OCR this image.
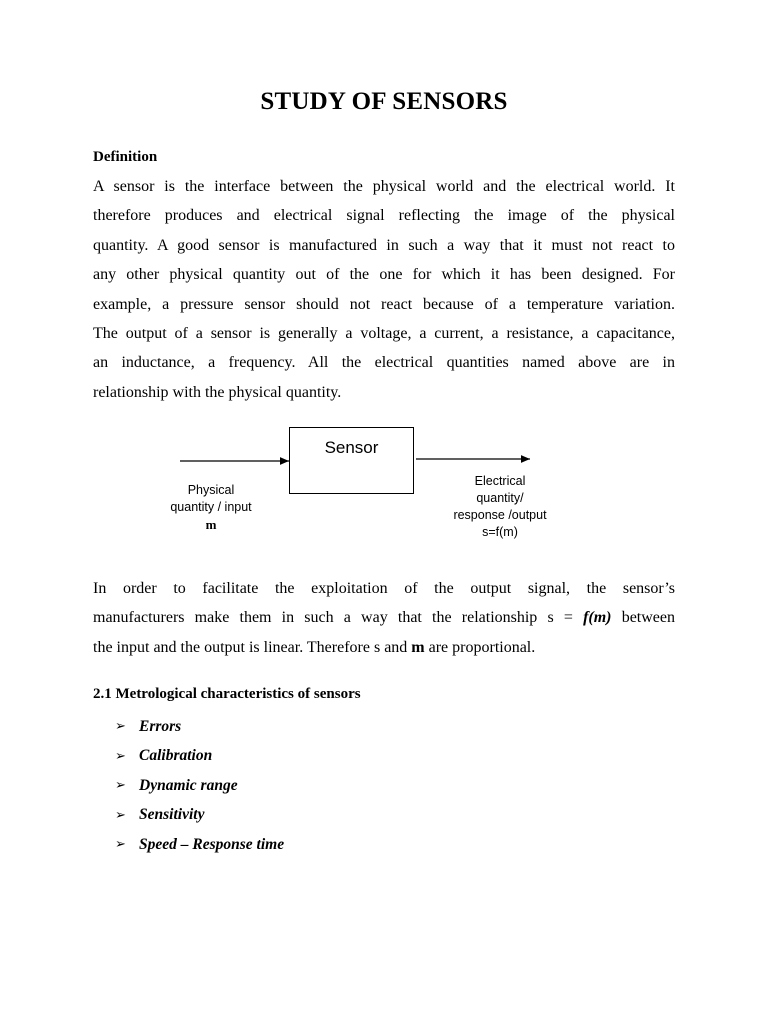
STUDY OF SENSORS
Definition
A sensor is the interface between the physical world and the electrical world. It
therefore produces and electrical signal reflecting the image of the physical
quantity. A good sensor is manufactured in such a way that it must not react to
any other physical quantity out of the one for which it has been designed. For
example, a pressure sensor should not react because of a temperature variation.
The output of a sensor is generally a voltage, a current, a resistance, a capacitance,
an inductance, a frequency. All the electrical quantities named above are in
relationship with the physical quantity.
Sensor
Physical
quantity / input
m
Electrical
quantity/
response /output
s=f(m)
In order to facilitate the exploitation of the output signal, the sensor’s
manufacturers make them in such a way that the relationship s = f(m) between
the input and the output is linear. Therefore s and m are proportional.
2.1 Metrological characteristics of sensors
➢ Errors
➢ Calibration
➢ Dynamic range
➢ Sensitivity
➢ Speed – Response time
